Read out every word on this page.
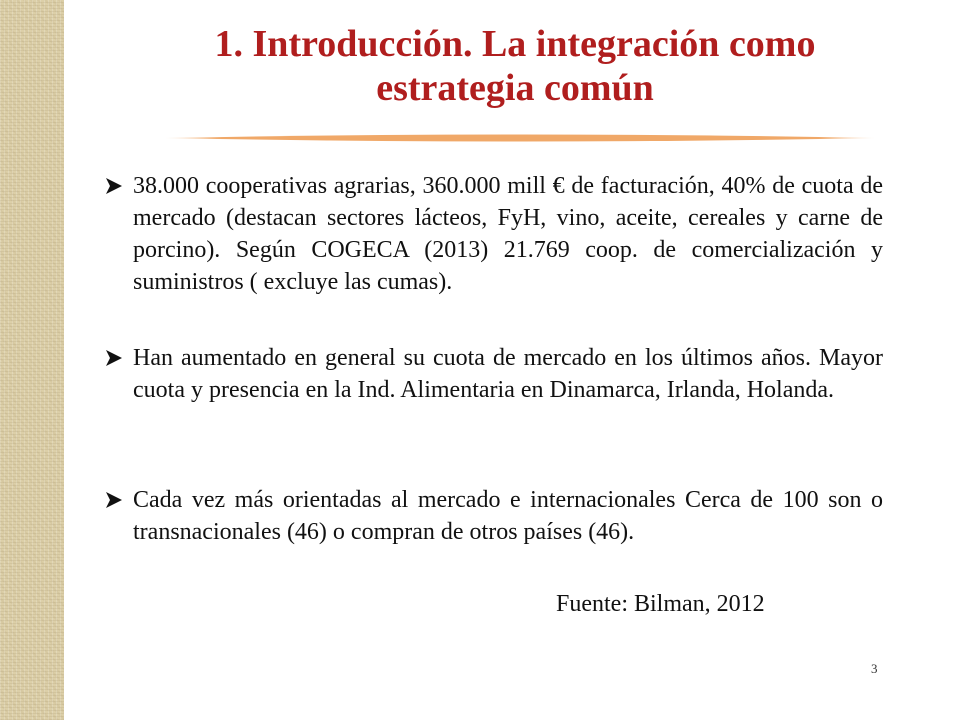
1. Introducción. La integración como
estrategia común
38.000 cooperativas agrarias, 360.000 mill € de facturación, 40% de cuota de mercado (destacan sectores lácteos, FyH, vino, aceite, cereales y carne de porcino). Según COGECA (2013) 21.769 coop. de comercialización y suministros ( excluye las cumas).
Han aumentado en general su cuota de mercado en los últimos años. Mayor cuota y presencia en la Ind. Alimentaria en Dinamarca, Irlanda, Holanda.
Cada vez más orientadas al mercado e internacionales Cerca de 100 son o transnacionales (46) o compran de otros países (46).
Fuente: Bilman, 2012
3
